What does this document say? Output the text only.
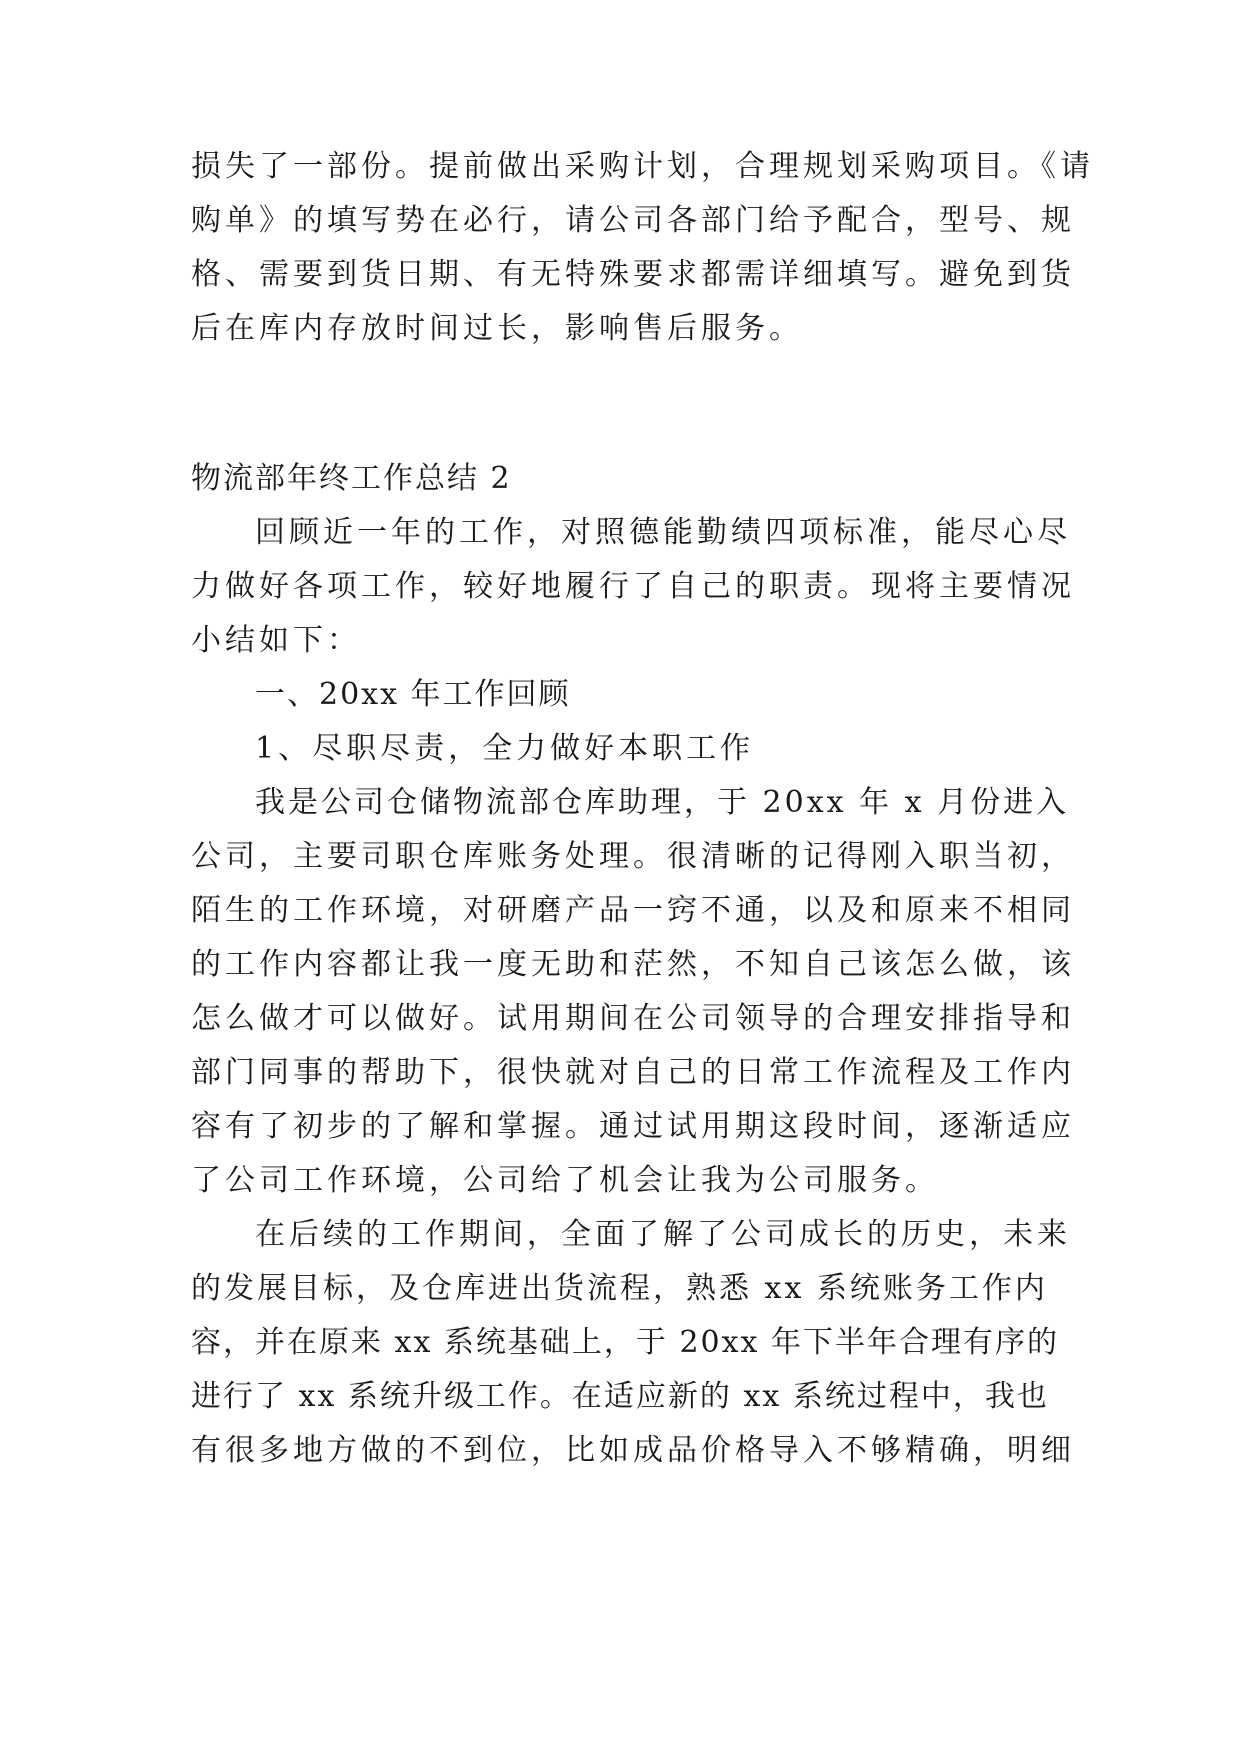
损失了一部份。提前做出采购计划，合理规划采购项目。《请
购单》的填写势在必行，请公司各部门给予配合，型号、规
格、需要到货日期、有无特殊要求都需详细填写。避免到货
后在库内存放时间过长，影响售后服务。
物流部年终工作总结 2
回顾近一年的工作，对照德能勤绩四项标准，能尽心尽
力做好各项工作，较好地履行了自己的职责。现将主要情况
小结如下：
一、20xx 年工作回顾
1、尽职尽责，全力做好本职工作
我是公司仓储物流部仓库助理，于 20xx 年 x 月份进入
公司，主要司职仓库账务处理。很清晰的记得刚入职当初，
陌生的工作环境，对研磨产品一窍不通，以及和原来不相同
的工作内容都让我一度无助和茫然，不知自己该怎么做，该
怎么做才可以做好。试用期间在公司领导的合理安排指导和
部门同事的帮助下，很快就对自己的日常工作流程及工作内
容有了初步的了解和掌握。通过试用期这段时间，逐渐适应
了公司工作环境，公司给了机会让我为公司服务。
在后续的工作期间，全面了解了公司成长的历史，未来
的发展目标，及仓库进出货流程，熟悉 xx 系统账务工作内
容，并在原来 xx 系统基础上，于 20xx 年下半年合理有序的
进行了 xx 系统升级工作。在适应新的 xx 系统过程中，我也
有很多地方做的不到位，比如成品价格导入不够精确，明细
